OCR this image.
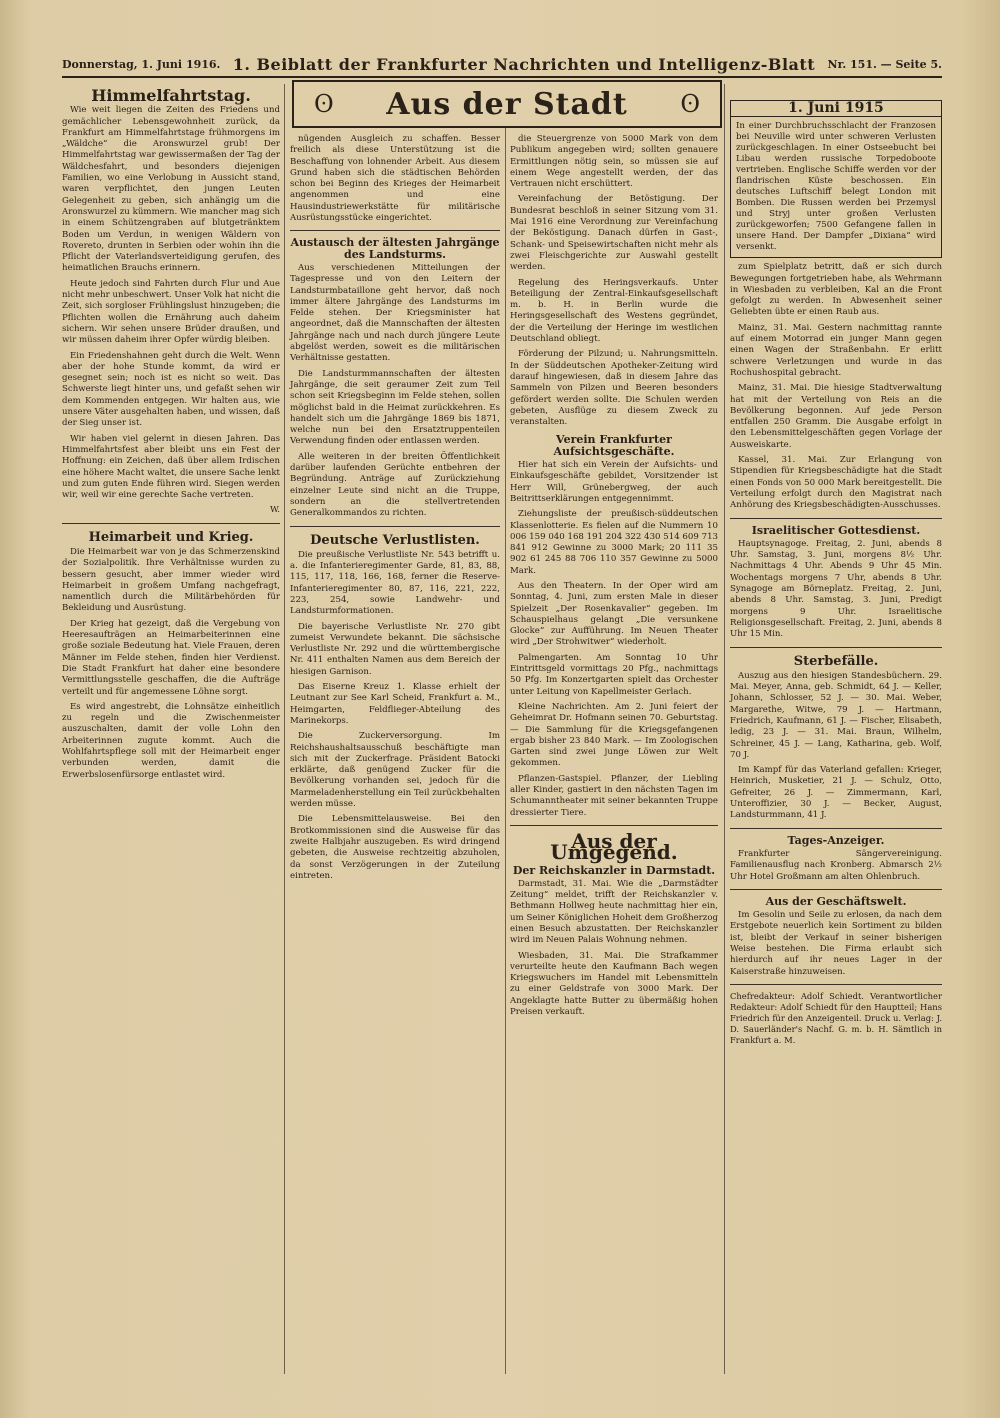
Donnerstag, 1. Juni 1916. 1. Beiblatt der Frankfurter Nachrichten und Intelligenz-Blatt Nr. 151. — Seite 5.
ʘ Aus der Stadt ʘ
Himmelfahrtstag.

Wie weit liegen die Zeiten des Friedens und gemächlicher Lebensgewohnheit zurück, da Frankfurt am Himmelfahrtstage frühmorgens im „Wäldche“ die Aronswurzel grub! Der Himmelfahrtstag war gewissermaßen der Tag der Wäldchesfahrt, und besonders diejenigen Familien, wo eine Verlobung in Aussicht stand, waren verpflichtet, den jungen Leuten Gelegenheit zu geben, sich anhängig um die Aronswurzel zu kümmern. Wie mancher mag sich in einem Schützengraben auf blutgetränktem Boden um Verdun, in wenigen Wäldern von Rovereto, drunten in Serbien oder wohin ihn die Pflicht der Vaterlandsverteidigung gerufen, des heimatlichen Brauchs erinnern.

Heute jedoch sind Fahrten durch Flur und Aue nicht mehr unbeschwert. Unser Volk hat nicht die Zeit, sich sorgloser Frühlingslust hinzugeben; die Pflichten wollen die Ernährung auch daheim sichern. Wir sehen unsere Brüder draußen, und wir müssen daheim ihrer Opfer würdig bleiben.

Ein Friedenshahnen geht durch die Welt. Wenn aber der hohe Stunde kommt, da wird er gesegnet sein; noch ist es nicht so weit. Das Schwerste liegt hinter uns, und gefaßt sehen wir dem Kommenden entgegen. Wir halten aus, wie unsere Väter ausgehalten haben, und wissen, daß der Sieg unser ist.

Wir haben viel gelernt in diesen Jahren. Das Himmelfahrtsfest aber bleibt uns ein Fest der Hoffnung: ein Zeichen, daß über allem Irdischen eine höhere Macht waltet, die unsere Sache lenkt und zum guten Ende führen wird. Siegen werden wir, weil wir eine gerechte Sache vertreten.

W.
Heimarbeit und Krieg.

Die Heimarbeit war von je das Schmerzenskind der Sozialpolitik. Ihre Verhältnisse wurden zu bessern gesucht, aber immer wieder wird Heimarbeit in großem Umfang nachgefragt, namentlich durch die Militärbehörden für Bekleidung und Ausrüstung.

Der Krieg hat gezeigt, daß die Vergebung von Heeresaufträgen an Heimarbeiterinnen eine große soziale Bedeutung hat. Viele Frauen, deren Männer im Felde stehen, finden hier Verdienst. Die Stadt Frankfurt hat daher eine besondere Vermittlungsstelle geschaffen, die die Aufträge verteilt und für angemessene Löhne sorgt.

Es wird angestrebt, die Lohnsätze einheitlich zu regeln und die Zwischenmeister auszuschalten, damit der volle Lohn den Arbeiterinnen zugute kommt. Auch die Wohlfahrtspflege soll mit der Heimarbeit enger verbunden werden, damit die Erwerbslosenfürsorge entlastet wird.

nügenden Ausgleich zu schaffen. Besser freilich als diese Unterstützung ist die Beschaffung von lohnender Arbeit. Aus diesem Grund haben sich die städtischen Behörden schon bei Beginn des Krieges der Heimarbeit angenommen und eine Hausindustriewerkstätte für militärische Ausrüstungsstücke eingerichtet.

Austausch der ältesten Jahrgänge des Landsturms.

Aus verschiedenen Mitteilungen der Tagespresse und von den Leitern der Landsturmbataillone geht hervor, daß noch immer ältere Jahrgänge des Landsturms im Felde stehen. Der Kriegsminister hat angeordnet, daß die Mannschaften der ältesten Jahrgänge nach und nach durch jüngere Leute abgelöst werden, soweit es die militärischen Verhältnisse gestatten.

Die Landsturmmannschaften der ältesten Jahrgänge, die seit geraumer Zeit zum Teil schon seit Kriegsbeginn im Felde stehen, sollen möglichst bald in die Heimat zurückkehren. Es handelt sich um die Jahrgänge 1869 bis 1871, welche nun bei den Ersatztruppenteilen Verwendung finden oder entlassen werden.

Alle weiteren in der breiten Öffentlichkeit darüber laufenden Gerüchte entbehren der Begründung. Anträge auf Zurückziehung einzelner Leute sind nicht an die Truppe, sondern an die stellvertretenden Generalkommandos zu richten.

Deutsche Verlustlisten.

Die preußische Verlustliste Nr. 543 betrifft u. a. die Infanterieregimenter Garde, 81, 83, 88, 115, 117, 118, 166, 168, ferner die Reserve-Infanterieregimenter 80, 87, 116, 221, 222, 223, 254, sowie Landwehr- und Landsturmformationen.

Die bayerische Verlustliste Nr. 270 gibt zumeist Verwundete bekannt. Die sächsische Verlustliste Nr. 292 und die württembergische Nr. 411 enthalten Namen aus dem Bereich der hiesigen Garnison.

Das Eiserne Kreuz 1. Klasse erhielt der Leutnant zur See Karl Scheid, Frankfurt a. M., Heimgarten, Feldflieger-Abteilung des Marinekorps.

Die Zuckerversorgung. Im Reichshaushaltsausschuß beschäftigte man sich mit der Zuckerfrage. Präsident Batocki erklärte, daß genügend Zucker für die Bevölkerung vorhanden sei, jedoch für die Marmeladenherstellung ein Teil zurückbehalten werden müsse.

Die Lebensmittelausweise. Bei den Brotkommissionen sind die Ausweise für das zweite Halbjahr auszugeben. Es wird dringend gebeten, die Ausweise rechtzeitig abzuholen, da sonst Verzögerungen in der Zuteilung eintreten.

die Steuergrenze von 5000 Mark von dem Publikum angegeben wird; sollten genauere Ermittlungen nötig sein, so müssen sie auf einem Wege angestellt werden, der das Vertrauen nicht erschüttert.

Vereinfachung der Betöstigung. Der Bundesrat beschloß in seiner Sitzung vom 31. Mai 1916 eine Verordnung zur Vereinfachung der Beköstigung. Danach dürfen in Gast-, Schank- und Speisewirtschaften nicht mehr als zwei Fleischgerichte zur Auswahl gestellt werden.

Regelung des Heringsverkaufs. Unter Beteiligung der Zentral-Einkaufsgesellschaft m. b. H. in Berlin wurde die Heringsgesellschaft des Westens gegründet, der die Verteilung der Heringe im westlichen Deutschland obliegt.

Förderung der Pilzund; u. Nahrungsmitteln. In der Süddeutschen Apotheker-Zeitung wird darauf hingewiesen, daß in diesem Jahre das Sammeln von Pilzen und Beeren besonders gefördert werden sollte. Die Schulen werden gebeten, Ausflüge zu diesem Zweck zu veranstalten.

Verein Frankfurter Aufsichtsgeschäfte.

Hier hat sich ein Verein der Aufsichts- und Einkaufsgeschäfte gebildet, Vorsitzender ist Herr Will, Grünebergweg, der auch Beitrittserklärungen entgegennimmt.

Ziehungsliste der preußisch-süddeutschen Klassenlotterie. Es fielen auf die Nummern 10 006 159 040 168 191 204 322 430 514 609 713 841 912 Gewinne zu 3000 Mark; 20 111 35 902 61 245 88 706 110 357 Gewinne zu 5000 Mark.

Aus den Theatern. In der Oper wird am Sonntag, 4. Juni, zum ersten Male in dieser Spielzeit „Der Rosenkavalier“ gegeben. Im Schauspielhaus gelangt „Die versunkene Glocke“ zur Aufführung. Im Neuen Theater wird „Der Strohwitwer“ wiederholt.

Palmengarten. Am Sonntag 10 Uhr Eintrittsgeld vormittags 20 Pfg., nachmittags 50 Pfg. Im Konzertgarten spielt das Orchester unter Leitung von Kapellmeister Gerlach.

Kleine Nachrichten. Am 2. Juni feiert der Geheimrat Dr. Hofmann seinen 70. Geburtstag. — Die Sammlung für die Kriegsgefangenen ergab bisher 23 840 Mark. — Im Zoologischen Garten sind zwei junge Löwen zur Welt gekommen.

Pflanzen-Gastspiel. Pflanzer, der Liebling aller Kinder, gastiert in den nächsten Tagen im Schumanntheater mit seiner bekannten Truppe dressierter Tiere.

Aus der Umgegend.
Der Reichskanzler in Darmstadt.

Darmstadt, 31. Mai. Wie die „Darmstädter Zeitung“ meldet, trifft der Reichskanzler v. Bethmann Hollweg heute nachmittag hier ein, um Seiner Königlichen Hoheit dem Großherzog einen Besuch abzustatten. Der Reichskanzler wird im Neuen Palais Wohnung nehmen.

Wiesbaden, 31. Mai. Die Strafkammer verurteilte heute den Kaufmann Bach wegen Kriegswuchers im Handel mit Lebensmitteln zu einer Geldstrafe von 3000 Mark. Der Angeklagte hatte Butter zu übermäßig hohen Preisen verkauft.

1. Juni 1915
In einer Durchbruchsschlacht der Franzosen bei Neuville wird unter schweren Verlusten zurückgeschlagen. In einer Ostseebucht bei Libau werden russische Torpedoboote vertrieben. Englische Schiffe werden vor der flandrischen Küste beschossen. Ein deutsches Luftschiff belegt London mit Bomben. Die Russen werden bei Przemysl und Stryj unter großen Verlusten zurückgeworfen; 7500 Gefangene fallen in unsere Hand. Der Dampfer „Dixiana“ wird versenkt.

zum Spielplatz betritt, daß er sich durch Bewegungen fortgetrieben habe, als Wehrmann in Wiesbaden zu verbleiben, Kal an die Front gefolgt zu werden. In Abwesenheit seiner Geliebten übte er einen Raub aus.

Mainz, 31. Mai. Gestern nachmittag rannte auf einem Motorrad ein junger Mann gegen einen Wagen der Straßenbahn. Er erlitt schwere Verletzungen und wurde in das Rochushospital gebracht.

Mainz, 31. Mai. Die hiesige Stadtverwaltung hat mit der Verteilung von Reis an die Bevölkerung begonnen. Auf jede Person entfallen 250 Gramm. Die Ausgabe erfolgt in den Lebensmittelgeschäften gegen Vorlage der Ausweiskarte.

Kassel, 31. Mai. Zur Erlangung von Stipendien für Kriegsbeschädigte hat die Stadt einen Fonds von 50 000 Mark bereitgestellt. Die Verteilung erfolgt durch den Magistrat nach Anhörung des Kriegsbeschädigten-Ausschusses.

Israelitischer Gottesdienst.

Hauptsynagoge. Freitag, 2. Juni, abends 8 Uhr. Samstag, 3. Juni, morgens 8½ Uhr. Nachmittags 4 Uhr. Abends 9 Uhr 45 Min. Wochentags morgens 7 Uhr, abends 8 Uhr. Synagoge am Börneplatz. Freitag, 2. Juni, abends 8 Uhr. Samstag, 3. Juni, Predigt morgens 9 Uhr. Israelitische Religionsgesellschaft. Freitag, 2. Juni, abends 8 Uhr 15 Min.

Sterbefälle.

Auszug aus den hiesigen Standesbüchern. 29. Mai. Meyer, Anna, geb. Schmidt, 64 J. — Keller, Johann, Schlosser, 52 J. — 30. Mai. Weber, Margarethe, Witwe, 79 J. — Hartmann, Friedrich, Kaufmann, 61 J. — Fischer, Elisabeth, ledig, 23 J. — 31. Mai. Braun, Wilhelm, Schreiner, 45 J. — Lang, Katharina, geb. Wolf, 70 J.

Im Kampf für das Vaterland gefallen: Krieger, Heinrich, Musketier, 21 J. — Schulz, Otto, Gefreiter, 26 J. — Zimmermann, Karl, Unteroffizier, 30 J. — Becker, August, Landsturmmann, 41 J.

Tages-Anzeiger.

Frankfurter Sängervereinigung. Familienausflug nach Kronberg. Abmarsch 2½ Uhr Hotel Großmann am alten Ohlenbruch.

Aus der Geschäftswelt.

Im Gesolin und Seile zu erlosen, da nach dem Erstgebote neuerlich kein Sortiment zu bilden ist, bleibt der Verkauf in seiner bisherigen Weise bestehen. Die Firma erlaubt sich hierdurch auf ihr neues Lager in der Kaiserstraße hinzuweisen.

Chefredakteur: Adolf Schiedt. Verantwortlicher Redakteur: Adolf Schiedt für den Hauptteil; Hans Friedrich für den Anzeigenteil. Druck u. Verlag: J. D. Sauerländer's Nachf. G. m. b. H. Sämtlich in Frankfurt a. M.
